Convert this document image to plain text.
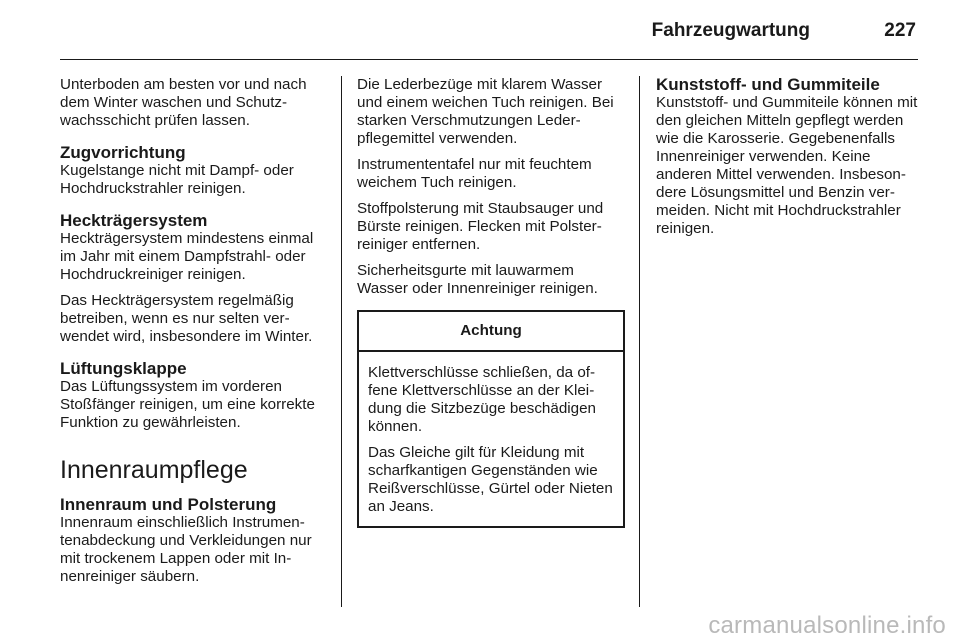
Fahrzeugwartung	227

Unterboden am besten vor und nach dem Winter waschen und Schutzwachsschicht prüfen lassen.

Zugvorrichtung

Kugelstange nicht mit Dampf- oder Hochdruckstrahler reinigen.

Heckträgersystem

Heckträgersystem mindestens einmal im Jahr mit einem Dampfstrahl- oder Hochdruckreiniger reinigen.

Das Heckträgersystem regelmäßig betreiben, wenn es nur selten verwendet wird, insbesondere im Winter.

Lüftungsklappe

Das Lüftungssystem im vorderen Stoßfänger reinigen, um eine korrekte Funktion zu gewährleisten.

Innenraumpflege
Innenraum und Polsterung

Innenraum einschließlich Instrumentenabdeckung und Verkleidungen nur mit trockenem Lappen oder mit Innenreiniger säubern.

Die Lederbezüge mit klarem Wasser und einem weichen Tuch reinigen. Bei starken Verschmutzungen Lederpflegemittel verwenden.

Instrumententafel nur mit feuchtem weichem Tuch reinigen.

Stoffpolsterung mit Staubsauger und Bürste reinigen. Flecken mit Polsterreiniger entfernen.

Sicherheitsgurte mit lauwarmem Wasser oder Innenreiniger reinigen.

Achtung

Klettverschlüsse schließen, da offene Klettverschlüsse an der Kleidung die Sitzbezüge beschädigen können.

Das Gleiche gilt für Kleidung mit scharfkantigen Gegenständen wie Reißverschlüsse, Gürtel oder Nieten an Jeans.

Kunststoff- und Gummiteile

Kunststoff- und Gummiteile können mit den gleichen Mitteln gepflegt werden wie die Karosserie. Gegebenenfalls Innenreiniger verwenden. Keine anderen Mittel verwenden. Insbesondere Lösungsmittel und Benzin vermeiden. Nicht mit Hochdruckstrahler reinigen.

carmanualsonline.info
